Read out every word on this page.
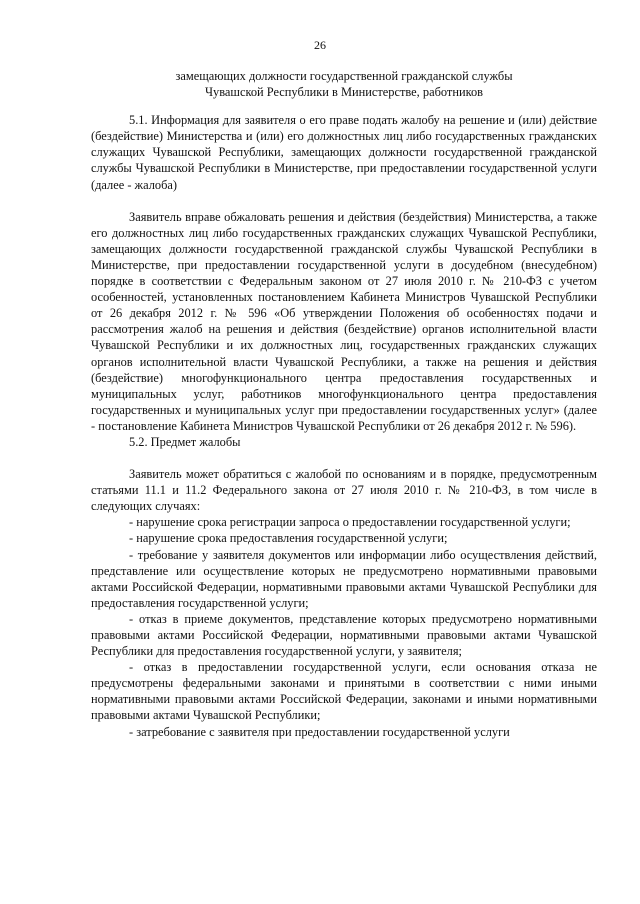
26
замещающих должности государственной гражданской службы
Чувашской Республики в Министерстве, работников

5.1. Информация для заявителя о его праве подать жалобу на решение и (или) действие (бездействие) Министерства и (или) его должностных лиц либо государственных гражданских служащих Чувашской Республики, замещающих должности государственной гражданской службы Чувашской Республики в Министерстве, при предоставлении государственной услуги (далее - жалоба)

Заявитель вправе обжаловать решения и действия (бездействия) Министерства, а также его должностных лиц либо государственных гражданских служащих Чувашской Республики, замещающих должности государственной гражданской службы Чувашской Республики в Министерстве, при предоставлении государственной услуги в досудебном (внесудебном) порядке в соответствии с Федеральным законом от 27 июля 2010 г. № 210-ФЗ с учетом особенностей, установленных постановлением Кабинета Министров Чувашской Республики от 26 декабря 2012 г. № 596 «Об утверждении Положения об особенностях подачи и рассмотрения жалоб на решения и действия (бездействие) органов исполнительной власти Чувашской Республики и их должностных лиц, государственных гражданских служащих органов исполнительной власти Чувашской Республики, а также на решения и действия (бездействие) многофункционального центра предоставления государственных и муниципальных услуг, работников многофункционального центра предоставления государственных и муниципальных услуг при предоставлении государственных услуг» (далее - постановление Кабинета Министров Чувашской Республики от 26 декабря 2012 г. № 596).

5.2. Предмет жалобы

Заявитель может обратиться с жалобой по основаниям и в порядке, предусмотренным статьями 11.1 и 11.2 Федерального закона от 27 июля 2010 г. № 210-ФЗ, в том числе в следующих случаях:

- нарушение срока регистрации запроса о предоставлении государственной услуги;

- нарушение срока предоставления государственной услуги;

- требование у заявителя документов или информации либо осуществления действий, представление или осуществление которых не предусмотрено нормативными правовыми актами Российской Федерации, нормативными правовыми актами Чувашской Республики для предоставления государственной услуги;

- отказ в приеме документов, представление которых предусмотрено нормативными правовыми актами Российской Федерации, нормативными правовыми актами Чувашской Республики для предоставления государственной услуги, у заявителя;

- отказ в предоставлении государственной услуги, если основания отказа не предусмотрены федеральными законами и принятыми в соответствии с ними иными нормативными правовыми актами Российской Федерации, законами и иными нормативными правовыми актами Чувашской Республики;

- затребование с заявителя при предоставлении государственной услуги
